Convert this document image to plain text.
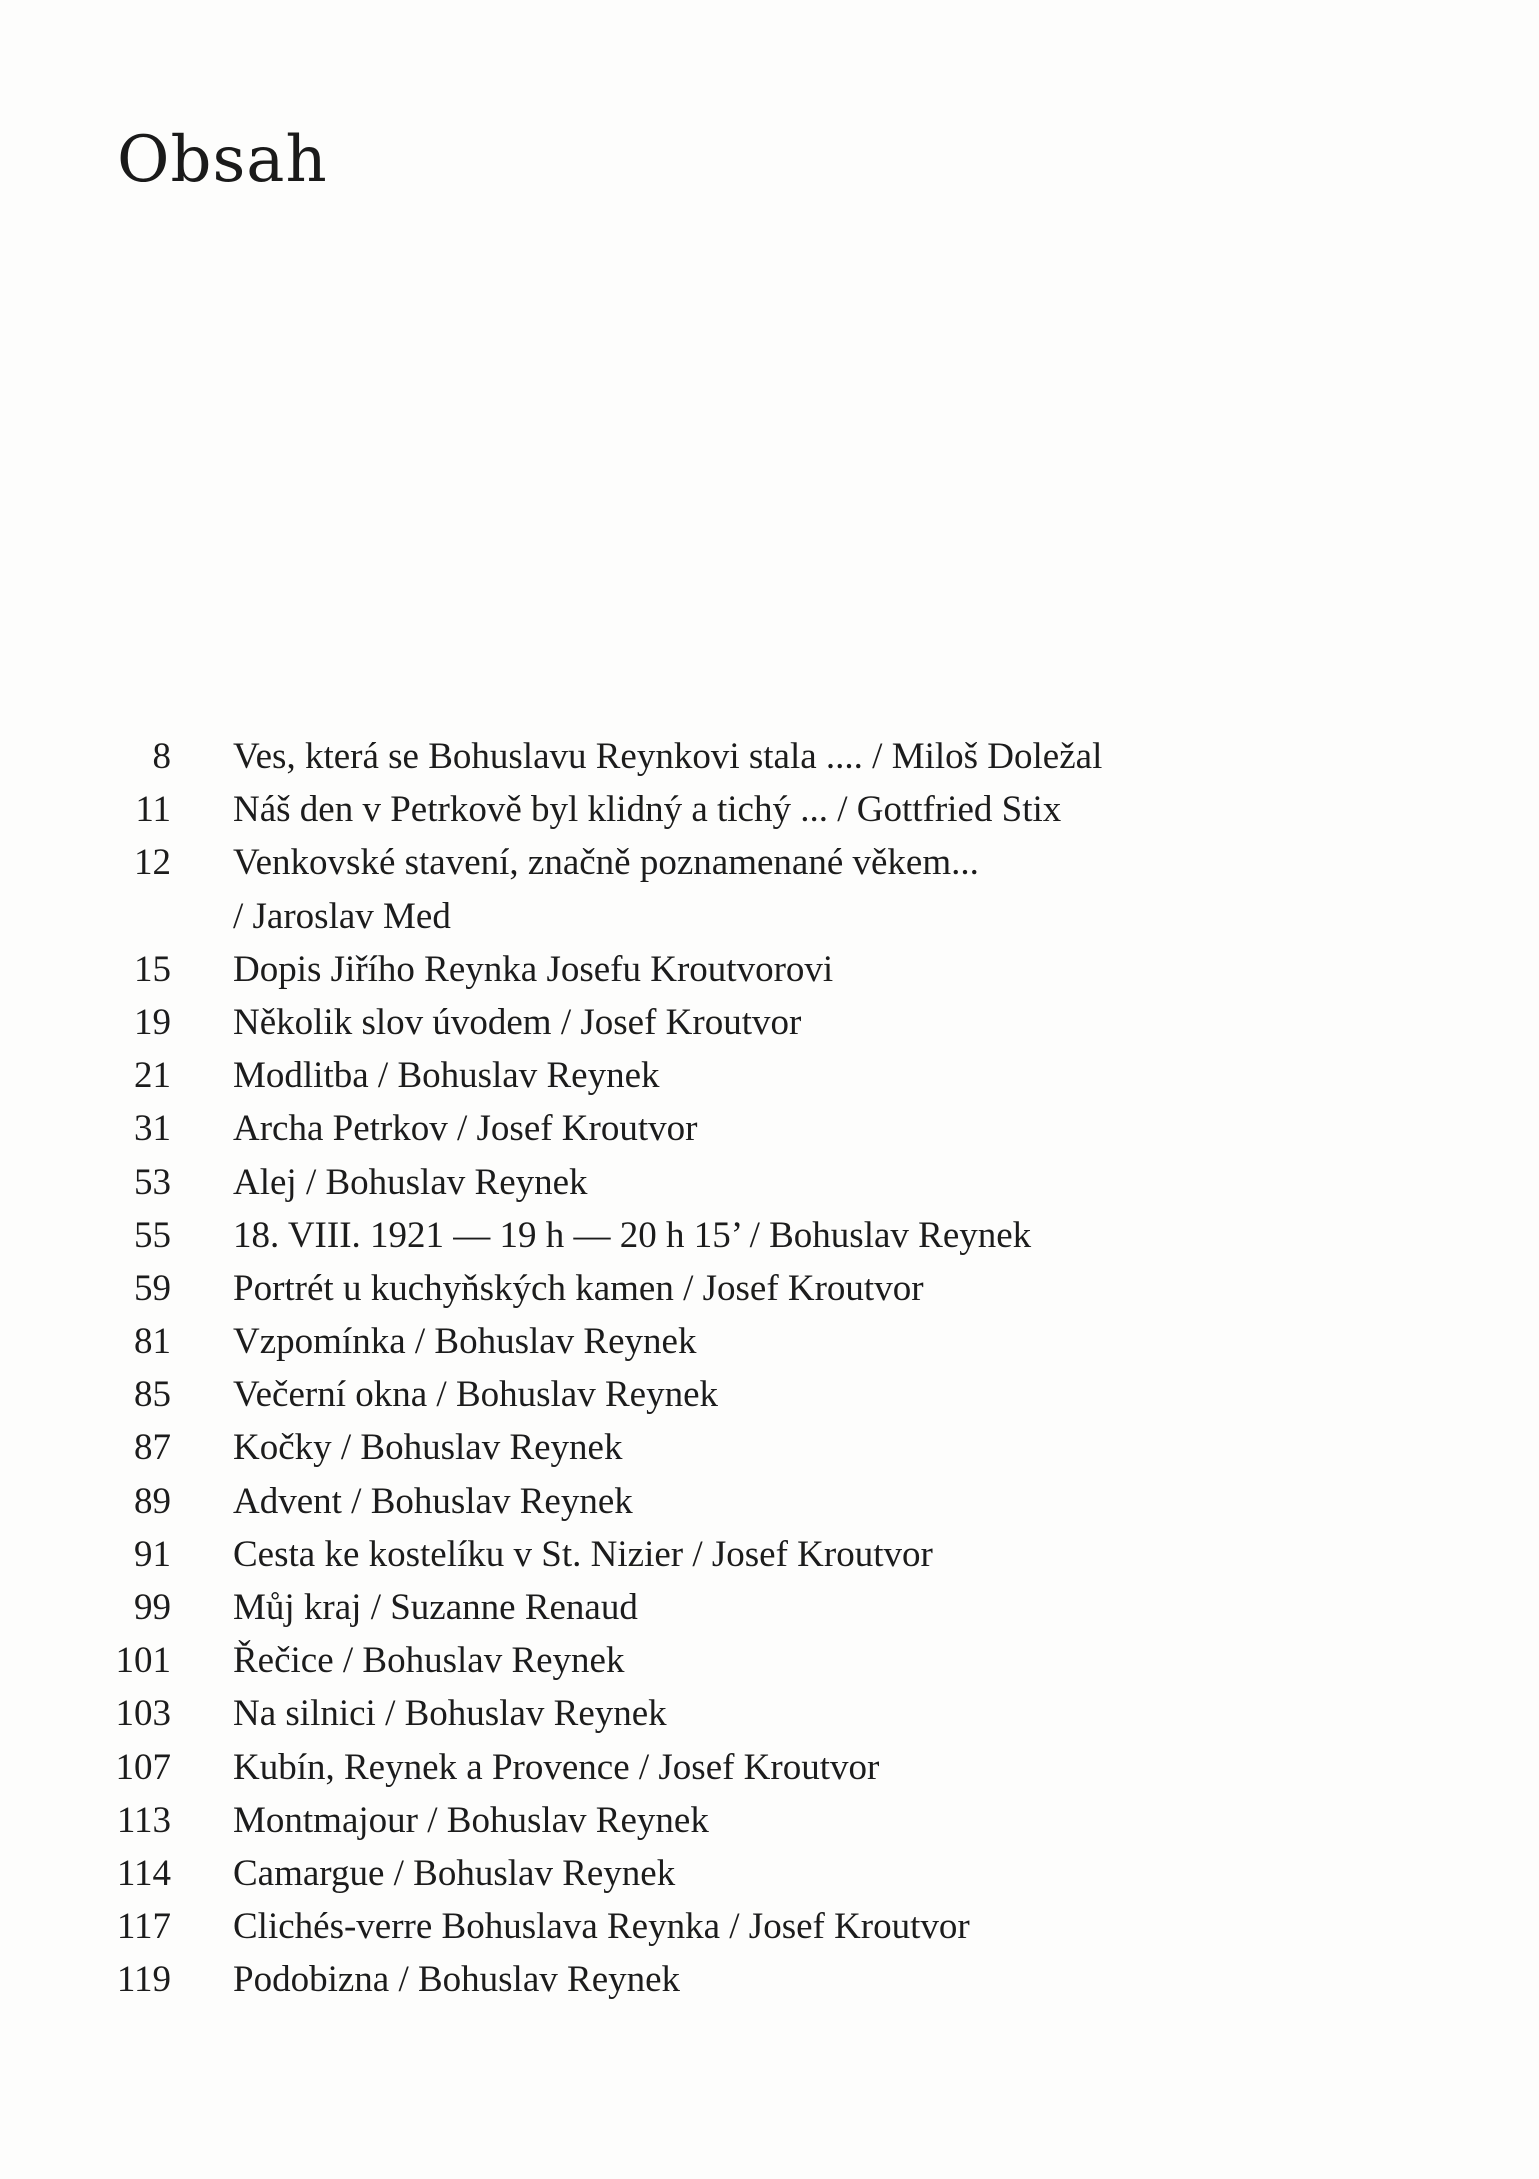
Obsah
8 Ves, která se Bohuslavu Reynkovi stala .... / Miloš Doležal
11 Náš den v Petrkově byl klidný a tichý ... / Gottfried Stix
12 Venkovské stavení, značně poznamenané věkem...
/ Jaroslav Med
15 Dopis Jiřího Reynka Josefu Kroutvorovi
19 Několik slov úvodem / Josef Kroutvor
21 Modlitba / Bohuslav Reynek
31 Archa Petrkov / Josef Kroutvor
53 Alej / Bohuslav Reynek
55 18. VIII. 1921 — 19 h — 20 h 15’ / Bohuslav Reynek
59 Portrét u kuchyňských kamen / Josef Kroutvor
81 Vzpomínka / Bohuslav Reynek
85 Večerní okna / Bohuslav Reynek
87 Kočky / Bohuslav Reynek
89 Advent / Bohuslav Reynek
91 Cesta ke kostelíku v St. Nizier / Josef Kroutvor
99 Můj kraj / Suzanne Renaud
101 Řečice / Bohuslav Reynek
103 Na silnici / Bohuslav Reynek
107 Kubín, Reynek a Provence / Josef Kroutvor
113 Montmajour / Bohuslav Reynek
114 Camargue / Bohuslav Reynek
117 Clichés-verre Bohuslava Reynka / Josef Kroutvor
119 Podobizna / Bohuslav Reynek
